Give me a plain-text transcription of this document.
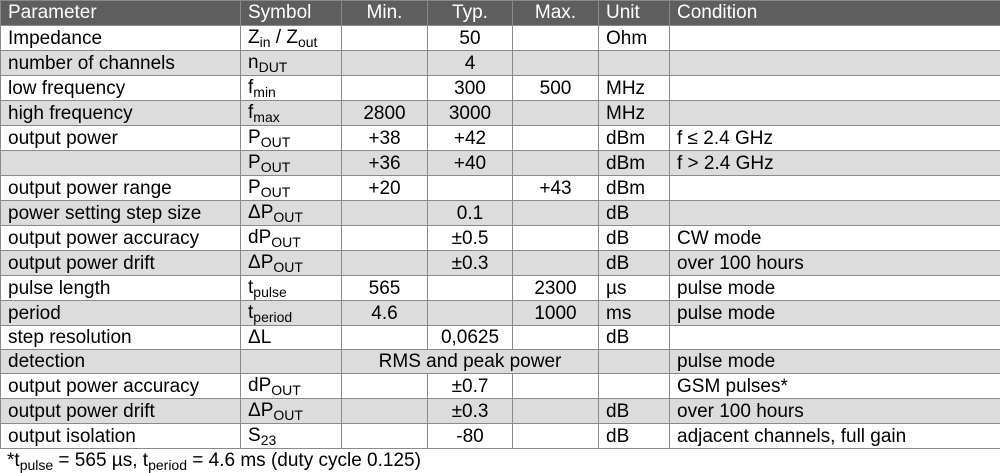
Parameter	Symbol	Min.	Typ.	Max.	Unit	Condition
Impedance	$Z_{in} / Z_{out}$		50		Ohm	
number of channels	$n_{DUT}$		4			
low frequency	$f_{min}$		300	500	MHz	
high frequency	$f_{max}$	2800	3000		MHz	
output power	$P_{OUT}$	+38	+42		dBm	f ≤ 2.4 GHz
	$P_{OUT}$	+36	+40		dBm	f > 2.4 GHz
output power range	$P_{OUT}$	+20		+43	dBm	
power setting step size	$\Delta P_{OUT}$		0.1		dB	
output power accuracy	$dP_{OUT}$		±0.5		dB	CW mode
output power drift	$\Delta P_{OUT}$		±0.3		dB	over 100 hours
pulse length	$t_{pulse}$	565		2300	µs	pulse mode
period	$t_{period}$	4.6		1000	ms	pulse mode
step resolution	ΔL		0,0625		dB	
detection		RMS and peak power				pulse mode
output power accuracy	$dP_{OUT}$		±0.7			GSM pulses*
output power drift	$\Delta P_{OUT}$		±0.3		dB	over 100 hours
output isolation	$S_{23}$		-80		dB	adjacent channels, full gain
$*t_{pulse} = 565$ µs, $t_{period} = 4.6$ ms (duty cycle 0.125)
